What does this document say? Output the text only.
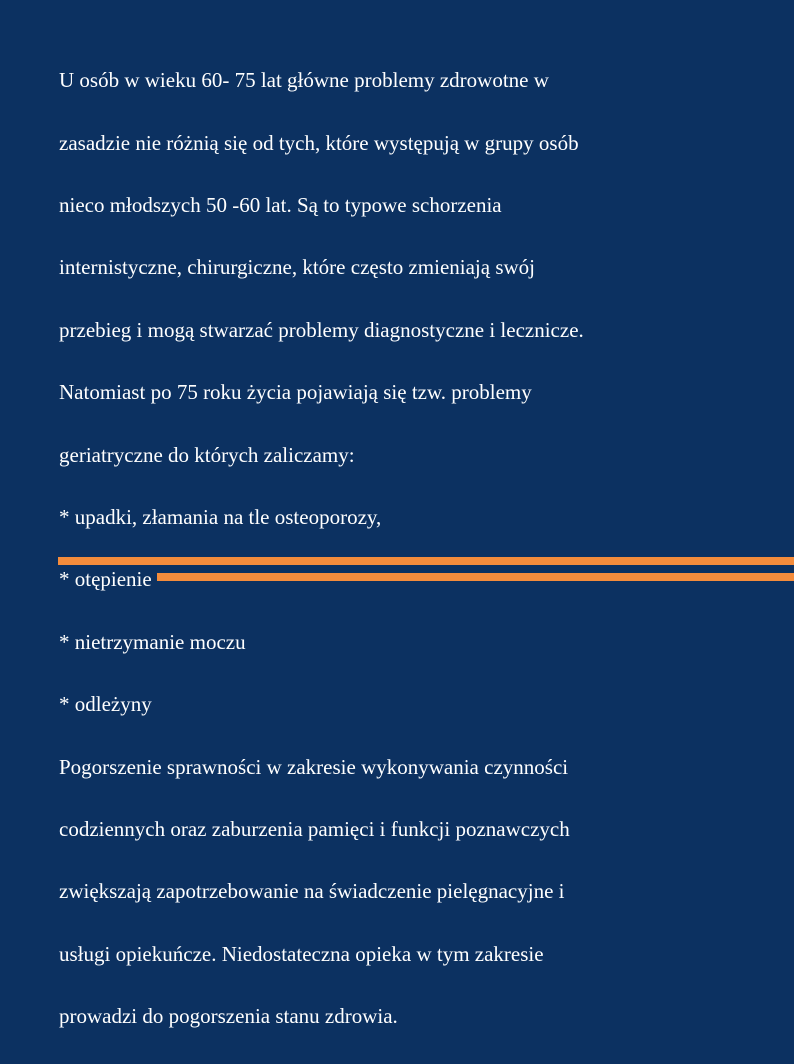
U osób w wieku 60- 75 lat główne problemy zdrowotne w

zasadzie nie różnią się od tych, które występują w grupy osób

nieco młodszych 50 -60 lat. Są to typowe schorzenia

internistyczne, chirurgiczne, które często zmieniają swój

przebieg i mogą stwarzać problemy diagnostyczne i lecznicze.

Natomiast po 75 roku życia pojawiają się tzw. problemy

geriatryczne do których zaliczamy:

* upadki, złamania na tle osteoporozy,

* otępienie

* nietrzymanie moczu

* odleżyny

Pogorszenie sprawności w zakresie wykonywania czynności

codziennych oraz zaburzenia pamięci i funkcji poznawczych

zwiększają zapotrzebowanie na świadczenie pielęgnacyjne i

usługi opiekuńcze. Niedostateczna opieka w tym zakresie

prowadzi do pogorszenia stanu zdrowia.
